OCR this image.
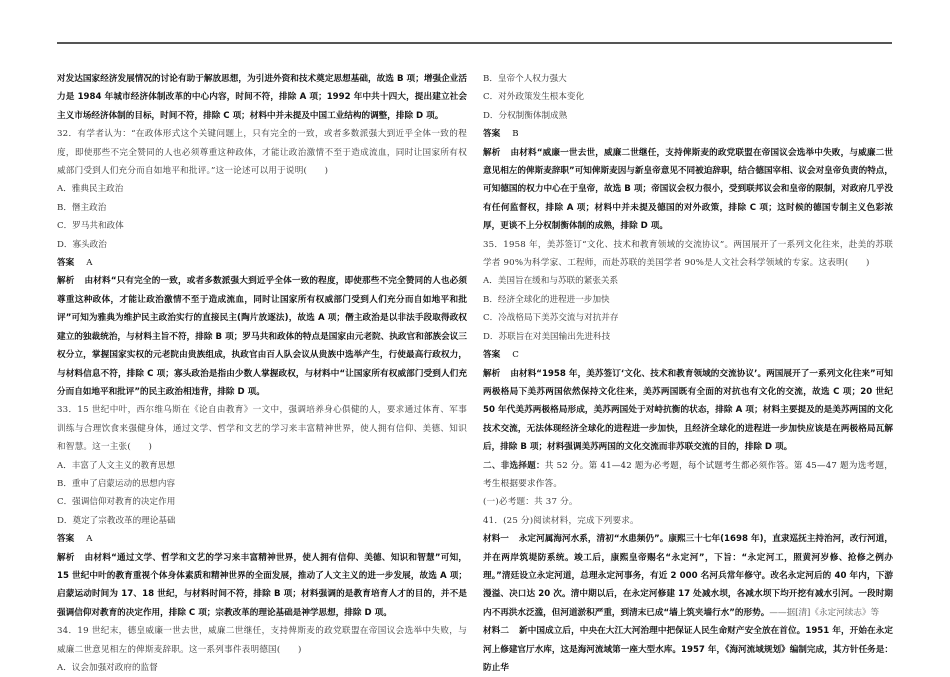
对发达国家经济发展情况的讨论有助于解放思想，为引进外资和技术奠定思想基础，故选 B 项；增强企业活力是 1984 年城市经济体制改革的中心内容，时间不符，排除 A 项；1992 年中共十四大，提出建立社会主义市场经济体制的目标，时间不符，排除 C 项；材料中并未提及中国工业结构的调整，排除 D 项。

32．有学者认为：“在政体形式这个关键问题上，只有完全的一致，或者多数派强大到近乎全体一致的程度，即使那些不完全赞同的人也必须尊重这种政体，才能让政治激情不至于造成流血，同时让国家所有权威部门受到人们充分而自如地平和批评。”这一论述可以用于说明(　　)

A．雅典民主政治

B．僭主政治

C．罗马共和政体

D．寡头政治

答案 A

解析 由材料“只有完全的一致，或者多数派强大到近乎全体一致的程度，即使那些不完全赞同的人也必须尊重这种政体，才能让政治激情不至于造成流血，同时让国家所有权威部门受到人们充分而自如地平和批评”可知为雅典为维护民主政治实行的直接民主(陶片放逐法)，故选 A 项；僭主政治是以非法手段取得政权建立的独裁统治，与材料主旨不符，排除 B 项；罗马共和政体的特点是国家由元老院、执政官和部族会议三权分立，掌握国家实权的元老院由贵族组成，执政官由百人队会议从贵族中选举产生，行使最高行政权力，与材料信息不符，排除 C 项；寡头政治是指由少数人掌握政权，与材料中“让国家所有权威部门受到人们充分而自如地平和批评”的民主政治相违背，排除 D 项。

33．15 世纪中叶，西尔维乌斯在《论自由教育》一文中，强调培养身心俱健的人，要求通过体育、军事训练与合理饮食来强健身体，通过文学、哲学和文艺的学习来丰富精神世界，使人拥有信仰、美德、知识和智慧。这一主张(　　)

A．丰富了人文主义的教育思想

B．重申了启蒙运动的思想内容

C．强调信仰对教育的决定作用

D．奠定了宗教改革的理论基础

答案 A

解析 由材料“通过文学、哲学和文艺的学习来丰富精神世界，使人拥有信仰、美德、知识和智慧”可知，15 世纪中叶的教育重视个体身体素质和精神世界的全面发展，推动了人文主义的进一步发展，故选 A 项；启蒙运动时间为 17、18 世纪，与材料时间不符，排除 B 项；材料强调的是教育培育人才的目的，并不是强调信仰对教育的决定作用，排除 C 项；宗教改革的理论基础是神学思想，排除 D 项。

34．19 世纪末，德皇威廉一世去世，威廉二世继任，支持俾斯麦的政党联盟在帝国议会选举中失败，与威廉二世意见相左的俾斯麦辞职。这一系列事件表明德国(　　)

A．议会加强对政府的监督

B．皇帝个人权力强大

C．对外政策发生根本变化

D．分权制衡体制成熟

答案 B

解析 由材料“威廉一世去世，威廉二世继任，支持俾斯麦的政党联盟在帝国议会选举中失败，与威廉二世意见相左的俾斯麦辞职”可知俾斯麦因与新皇帝意见不同被迫辞职，结合德国宰相、议会对皇帝负责的特点，可知德国的权力中心在于皇帝，故选 B 项；帝国议会权力很小，受到联邦议会和皇帝的限制，对政府几乎没有任何监督权，排除 A 项；材料中并未提及德国的对外政策，排除 C 项；这时候的德国专制主义色彩浓厚，更谈不上分权制衡体制的成熟，排除 D 项。

35．1958 年，美苏签订“文化、技术和教育领域的交流协议”。两国展开了一系列文化往来，赴美的苏联学者 90%为科学家、工程师，而赴苏联的美国学者 90%是人文社会科学领域的专家。这表明(　　)

A．美国旨在缓和与苏联的紧张关系

B．经济全球化的进程进一步加快

C．冷战格局下美苏交流与对抗并存

D．苏联旨在对美国输出先进科技

答案 C

解析 由材料“1958 年，美苏签订‘文化、技术和教育领域的交流协议’。两国展开了一系列文化往来”可知两极格局下美苏两国依然保持文化往来，美苏两国既有全面的对抗也有文化的交流，故选 C 项；20 世纪 50 年代美苏两极格局形成，美苏两国处于对峙抗衡的状态，排除 A 项；材料主要提及的是美苏两国的文化技术交流，无法体现经济全球化的进程进一步加快，且经济全球化的进程进一步加快应该是在两极格局瓦解后，排除 B 项；材料强调美苏两国的文化交流而非苏联交流的目的，排除 D 项。

二、非选择题：共 52 分。第 41—42 题为必考题，每个试题考生都必须作答。第 45—47 题为选考题，考生根据要求作答。

(一)必考题：共 37 分。

41．(25 分)阅读材料，完成下列要求。

材料一 永定河属海河水系，清初“水患频仍”。康熙三十七年(1698 年)，直隶巡抚主持治河，改行河道，并在两岸筑堤防系统。竣工后，康熙皇帝赐名“永定河”，下旨：“永定河工，照黄河岁修、抢修之例办理。”清廷设立永定河道，总理永定河事务，有近 2 000 名河兵常年修守。改名永定河后的 40 年内，下游漫溢、决口达 20 次。清中期以后，在永定河修建 17 处减水坝，各减水坝下均开挖有减水引河。一段时期内不再洪水泛滥，但河道淤积严重，到清末已成“墙上筑夹墙行水”的形势。——据[清]《永定河续志》等

材料二 新中国成立后，中央在大江大河治理中把保证人民生命财产安全放在首位。1951 年，开始在永定河上修建官厅水库，这是海河流域第一座大型水库。1957 年，《海河流域规划》编制完成，其方针任务是：防止华
